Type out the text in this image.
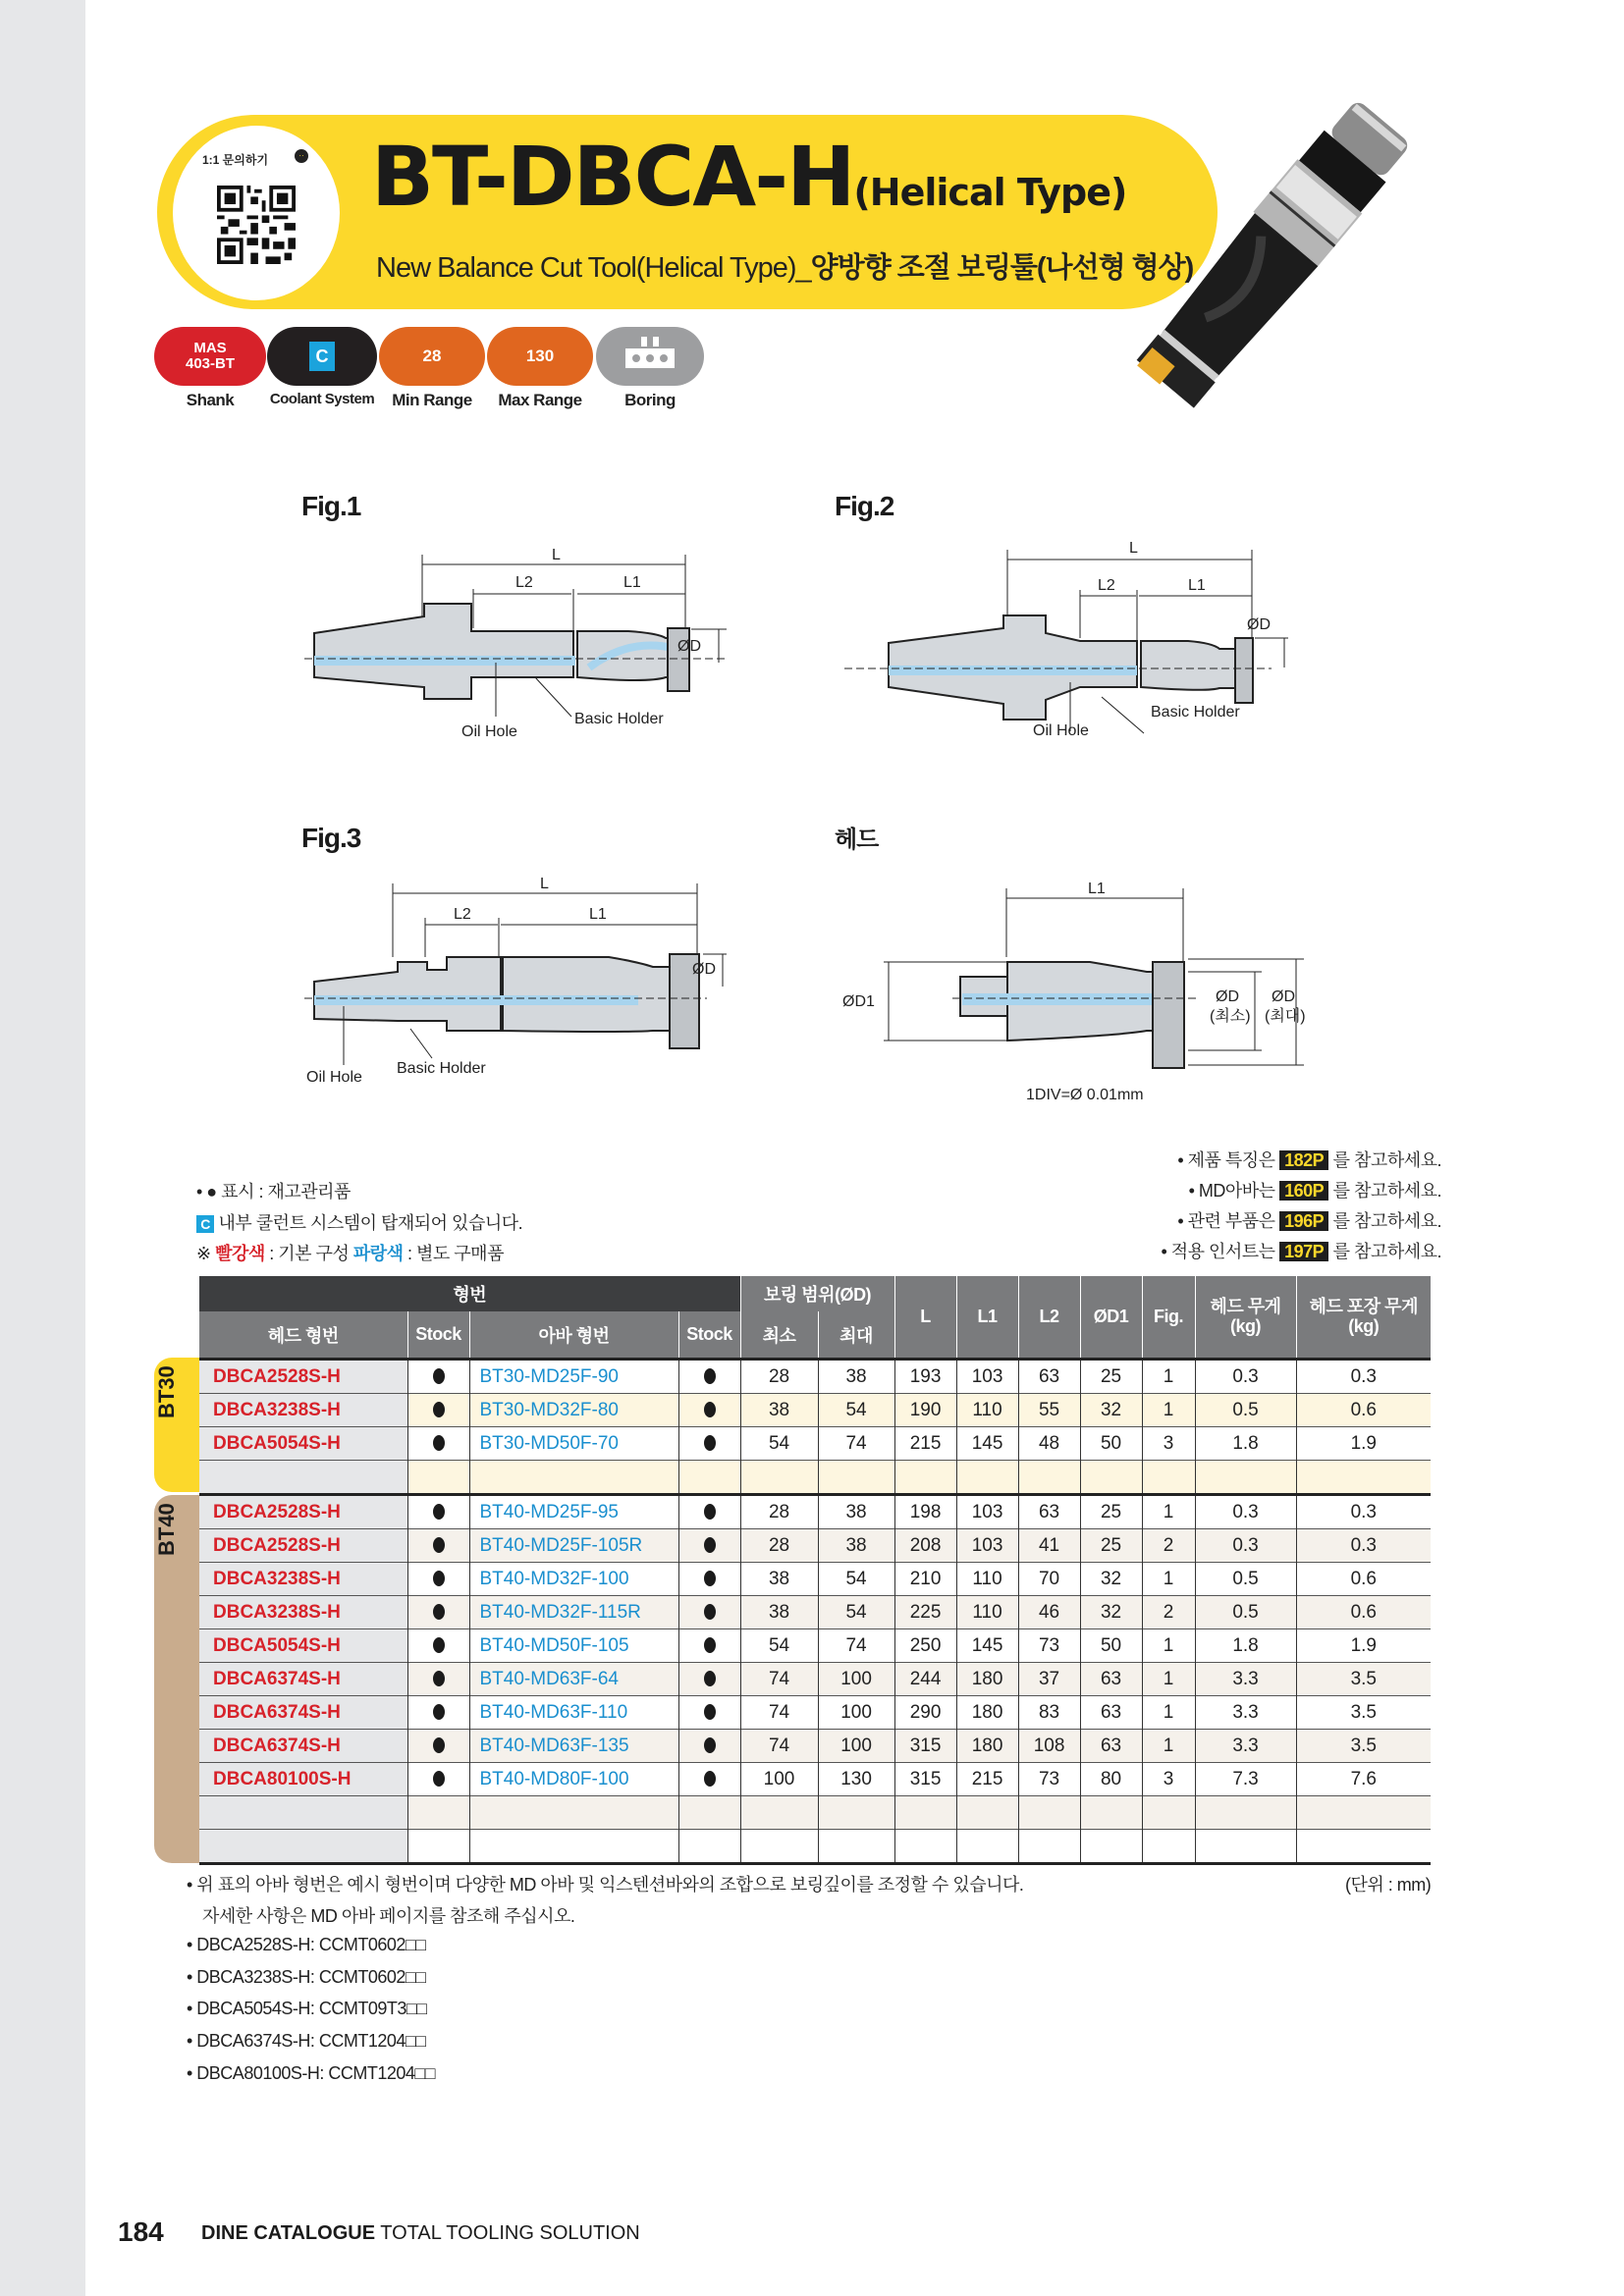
1:1 문의하기	·· BT-DBCA-H(Helical Type)
New Balance Cut Tool(Helical Type)_양방향 조절 보링툴(나선형 형상)
MAS
403-BT
Shank
C
Coolant System
28
Min Range
130
Max Range	Boring
Fig.1
L
L2	L1
ØD
Oil Hole
Basic Holder
Fig.2
L
L2	L1
ØD
Oil Hole
Basic Holder
Fig.3
L
L2	L1
ØD
Oil Hole
Basic Holder
헤드
L1
ØD1	ØD
(최소)
ØD
(최대)
1DIV=Ø 0.01mm
• ● 표시 : 재고관리품
C 내부 쿨런트 시스템이 탑재되어 있습니다.
※ 빨강색 : 기본 구성 파랑색 : 별도 구매품
• 제품 특징은 182P 를 참고하세요.
• MD아바는 160P 를 참고하세요.
• 관련 부품은 196P 를 참고하세요.
• 적용 인서트는 197P 를 참고하세요.
BT30
BT40
형번				보링 범위(ØD)		L	L1	L2	ØD1	Fig.	헤드 무게
(kg)	헤드 포장 무게
(kg)
헤드 형번	Stock	아바 형번	Stock	최소	최대							
DBCA2528S-H		BT30-MD25F-90		28	38	193	103	63	25	1	0.3	0.3
DBCA3238S-H		BT30-MD32F-80		38	54	190	110	55	32	1	0.5	0.6
DBCA5054S-H		BT30-MD50F-70		54	74	215	145	48	50	3	1.8	1.9

DBCA2528S-H		BT40-MD25F-95		28	38	198	103	63	25	1	0.3	0.3
DBCA2528S-H		BT40-MD25F-105R		28	38	208	103	41	25	2	0.3	0.3
DBCA3238S-H		BT40-MD32F-100		38	54	210	110	70	32	1	0.5	0.6
DBCA3238S-H		BT40-MD32F-115R		38	54	225	110	46	32	2	0.5	0.6
DBCA5054S-H		BT40-MD50F-105		54	74	250	145	73	50	1	1.8	1.9
DBCA6374S-H		BT40-MD63F-64		74	100	244	180	37	63	1	3.3	3.5
DBCA6374S-H		BT40-MD63F-110		74	100	290	180	83	63	1	3.3	3.5
DBCA6374S-H		BT40-MD63F-135		74	100	315	180	108	63	1	3.3	3.5
DBCA80100S-H		BT40-MD80F-100		100	130	315	215	73	80	3	7.3	7.6

• 위 표의 아바 형번은 예시 형번이며 다양한 MD 아바 및 익스텐션바와의 조합으로 보링깊이를 조정할 수 있습니다.	(단위 : mm)
자세한 사항은 MD 아바 페이지를 참조해 주십시오.
• DBCA2528S-H: CCMT0602□□
• DBCA3238S-H: CCMT0602□□
• DBCA5054S-H: CCMT09T3□□
• DBCA6374S-H: CCMT1204□□
• DBCA80100S-H: CCMT1204□□
184 DINE CATALOGUE TOTAL TOOLING SOLUTION
